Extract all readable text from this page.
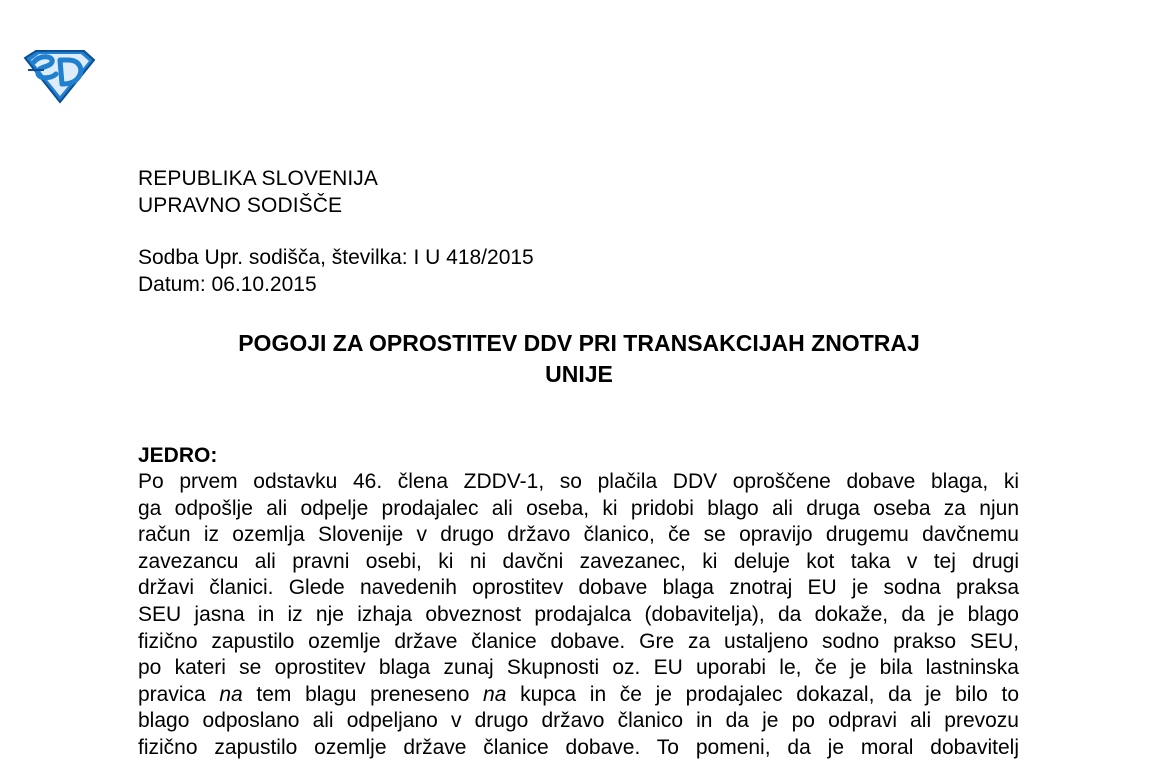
REPUBLIKA SLOVENIJA
UPRAVNO SODIŠČE
Sodba Upr. sodišča, številka: I U 418/2015
Datum: 06.10.2015
POGOJI ZA OPROSTITEV DDV PRI TRANSAKCIJAH ZNOTRAJ
UNIJE
JEDRO:
Po prvem odstavku 46. člena ZDDV-1, so plačila DDV oproščene dobave blaga, ki
ga odpošlje ali odpelje prodajalec ali oseba, ki pridobi blago ali druga oseba za njun
račun iz ozemlja Slovenije v drugo državo članico, če se opravijo drugemu davčnemu
zavezancu ali pravni osebi, ki ni davčni zavezanec, ki deluje kot taka v tej drugi
državi članici. Glede navedenih oprostitev dobave blaga znotraj EU je sodna praksa
SEU jasna in iz nje izhaja obveznost prodajalca (dobavitelja), da dokaže, da je blago
fizično zapustilo ozemlje države članice dobave. Gre za ustaljeno sodno prakso SEU,
po kateri se oprostitev blaga zunaj Skupnosti oz. EU uporabi le, če je bila lastninska
pravica na tem blagu preneseno na kupca in če je prodajalec dokazal, da je bilo to
blago odposlano ali odpeljano v drugo državo članico in da je po odpravi ali prevozu
fizično zapustilo ozemlje države članice dobave. To pomeni, da je moral dobavitelj
